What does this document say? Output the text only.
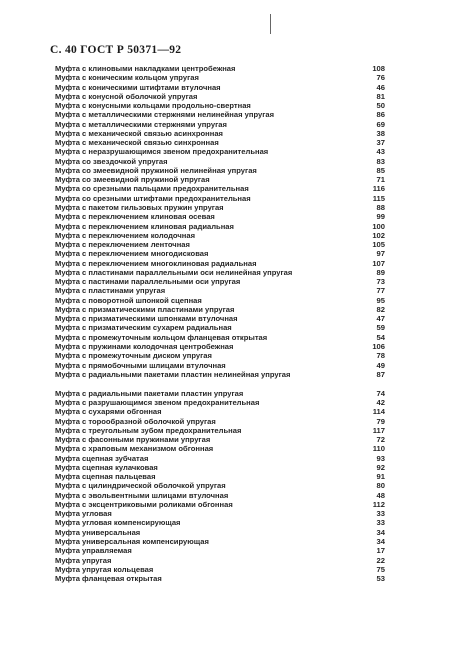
С. 40 ГОСТ Р 50371—92
Муфта с клиновыми накладками центробежная	108
Муфта с коническим кольцом упругая	76
Муфта с коническими штифтами втулочная	46
Муфта с конусной оболочкой упругая	81
Муфта с конусными кольцами продольно-свертная	50
Муфта с металлическими стержнями нелинейная упругая	86
Муфта с металлическими стержнями упругая	69
Муфта с механической связью асинхронная	38
Муфта с механической связью синхронная	37
Муфта с неразрушающимся звеном предохранительная	43
Муфта со звездочкой упругая	83
Муфта со змеевидной пружиной нелинейная упругая	85
Муфта со змеевидной пружиной упругая	71
Муфта со срезными пальцами предохранительная	116
Муфта со срезными штифтами предохранительная	115
Муфта с пакетом гильзовых пружин упругая	88
Муфта с переключением клиновая осевая	99
Муфта с переключением клиновая радиальная	100
Муфта с переключением колодочная	102
Муфта с переключением ленточная	105
Муфта с переключением многодисковая	97
Муфта с переключением многоклиновая радиальная	107
Муфта с пластинами параллельными оси нелинейная упругая	89
Муфта с пастинами параллельными оси упругая	73
Муфта с пластинами упругая	77
Муфта с поворотной шпонкой сцепная	95
Муфта с призматическими пластинами упругая	82
Муфта с призматическими шпонками втулочная	47
Муфта с призматическим сухарем радиальная	59
Муфта с промежуточным кольцом фланцевая открытая	54
Муфта с пружинами колодочная центробежная	106
Муфта с промежуточным диском упругая	78
Муфта с прямобочными шлицами втулочная	49
Муфта с радиальными пакетами пластин нелинейная упругая	87
Муфта с радиальными пакетами пластин упругая	74
Муфта с разрушающимся звеном предохранительная	42
Муфта с сухарями обгонная	114
Муфта с торообразной оболочкой упругая	79
Муфта с треугольным зубом предохранительная	117
Муфта с фасонными пружинами упругая	72
Муфта с храповым механизмом обгонная	110
Муфта сцепная зубчатая	93
Муфта сцепная кулачковая	92
Муфта сцепная пальцевая	91
Муфта с цилиндрической оболочкой упругая	80
Муфта с эвольвентными шлицами втулочная	48
Муфта с эксцентриковыми роликами обгонная	112
Муфта угловая	33
Муфта угловая компенсирующая	33
Муфта универсальная	34
Муфта универсальная компенсирующая	34
Муфта управляемая	17
Муфта упругая	22
Муфта упругая кольцевая	75
Муфта фланцевая открытая	53
